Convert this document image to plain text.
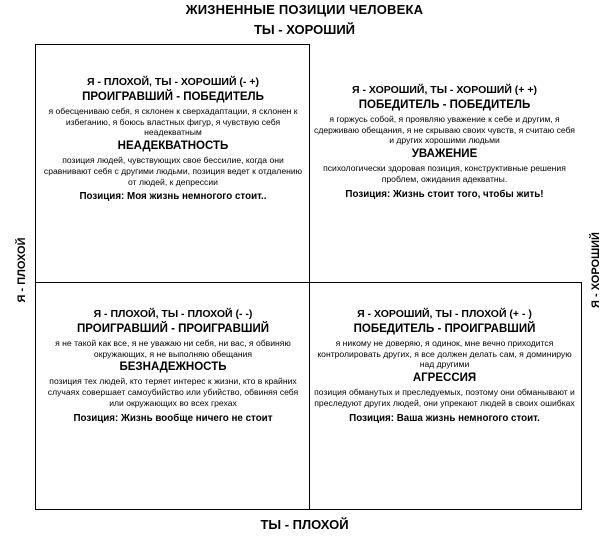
ЖИЗНЕННЫЕ ПОЗИЦИИ ЧЕЛОВЕКА
ТЫ - ХОРОШИЙ
ТЫ - ПЛОХОЙ
Я - ПЛОХОЙ	Я - ХОРОШИЙ
Я - ПЛОХОЙ, ТЫ - ХОРОШИЙ (- +)
ПРОИГРАВШИЙ - ПОБЕДИТЕЛЬ
я обесцениваю себя, я склонен к сверхадаптации, я склонен к избеганию, я боюсь властных фигур, я чувствую себя неадекватным
НЕАДЕКВАТНОСТЬ
позиция людей, чувствующих свое бессилие, когда они сравнивают себя с другими людьми, позиция ведет к отдалению от людей, к депрессии
Позиция: Моя жизнь немногого стоит..
Я - ХОРОШИЙ, ТЫ - ХОРОШИЙ (+ +)
ПОБЕДИТЕЛЬ - ПОБЕДИТЕЛЬ
я горжусь собой, я проявляю уважение к себе и другим, я сдерживаю обещания, я не скрываю своих чувств, я считаю себя и других хорошими людьми
УВАЖЕНИЕ
психологически здоровая позиция, конструктивные решения проблем, ожидания адекватны.
Позиция: Жизнь стоит того, чтобы жить!
Я - ПЛОХОЙ, ТЫ - ПЛОХОЙ (- -)
ПРОИГРАВШИЙ - ПРОИГРАВШИЙ
я не такой как все, я не уважаю ни себя, ни вас, я обвиняю окружающих, я не выполняю обещания
БЕЗНАДЕЖНОСТЬ
позиция тех людей, кто теряет интерес к жизни, кто в крайних случаях совершает самоубийство или убийство, обвиняя себя или окружающих во всех грехах
Позиция: Жизнь вообще ничего не стоит
Я - ХОРОШИЙ, ТЫ - ПЛОХОЙ (+ - )
ПОБЕДИТЕЛЬ - ПРОИГРАВШИЙ
я никому не доверяю, я одинок, мне вечно приходится контролировать других, я все должен делать сам, я доминирую над другими
АГРЕССИЯ
позиция обманутых и преследуемых, поэтому они обманывают и преследуют других людей, они упрекают людей в своих ошибках
Позиция: Ваша жизнь немногого стоит.
